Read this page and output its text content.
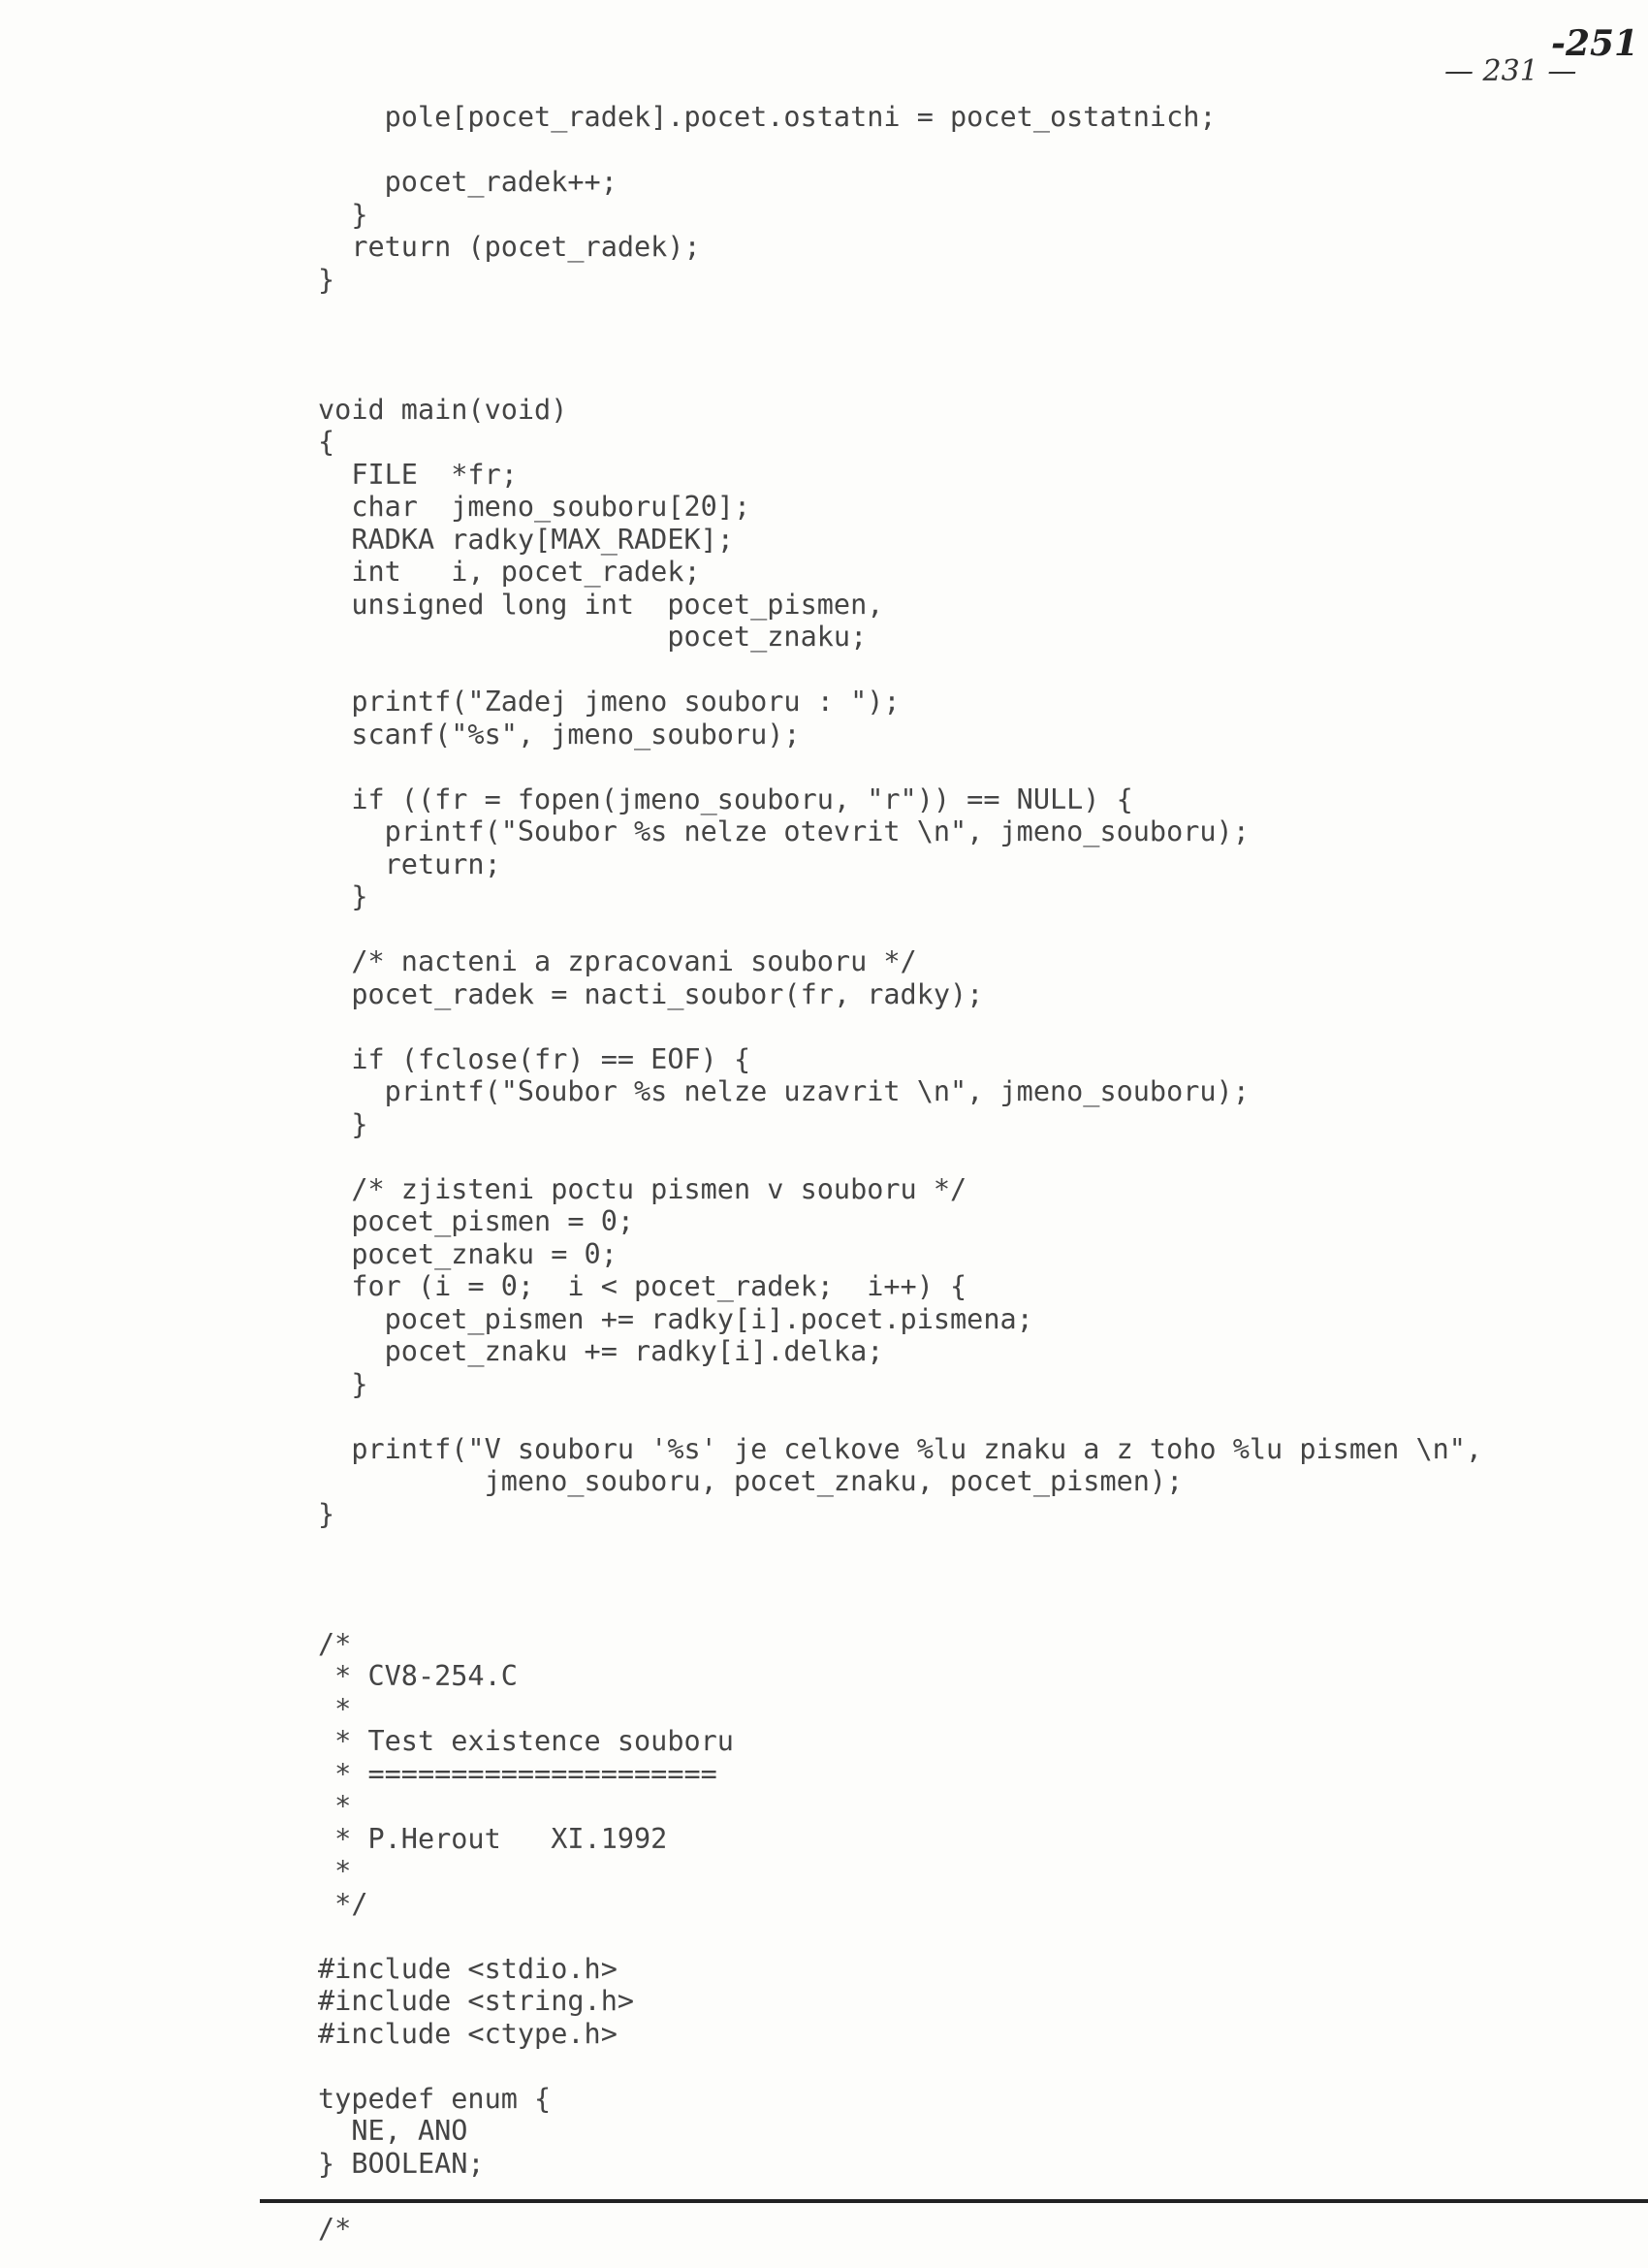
-251
— 231 —
pole[pocet_radek].pocet.ostatni = pocet_ostatnich;
pocet_radek++;
}
return (pocet_radek);
}
void main(void)
{
FILE  *fr;
char  jmeno_souboru[20];
RADKA radky[MAX_RADEK];
int   i, pocet_radek;
unsigned long int  pocet_pismen,
pocet_znaku;
printf("Zadej jmeno souboru : ");
scanf("%s", jmeno_souboru);
if ((fr = fopen(jmeno_souboru, "r")) == NULL) {
printf("Soubor %s nelze otevrit \n", jmeno_souboru);
return;
}
/* nacteni a zpracovani souboru */
pocet_radek = nacti_soubor(fr, radky);
if (fclose(fr) == EOF) {
printf("Soubor %s nelze uzavrit \n", jmeno_souboru);
}
/* zjisteni poctu pismen v souboru */
pocet_pismen = 0;
pocet_znaku = 0;
for (i = 0;  i < pocet_radek;  i++) {
pocet_pismen += radky[i].pocet.pismena;
pocet_znaku += radky[i].delka;
}
printf("V souboru '%s' je celkove %lu znaku a z toho %lu pismen \n",
jmeno_souboru, pocet_znaku, pocet_pismen);
}
/*
* CV8-254.C
*
* Test existence souboru
* =====================
*
* P.Herout   XI.1992
*
*/
#include <stdio.h>
#include <string.h>
#include <ctype.h>
typedef enum {
NE, ANO
} BOOLEAN;
/*
